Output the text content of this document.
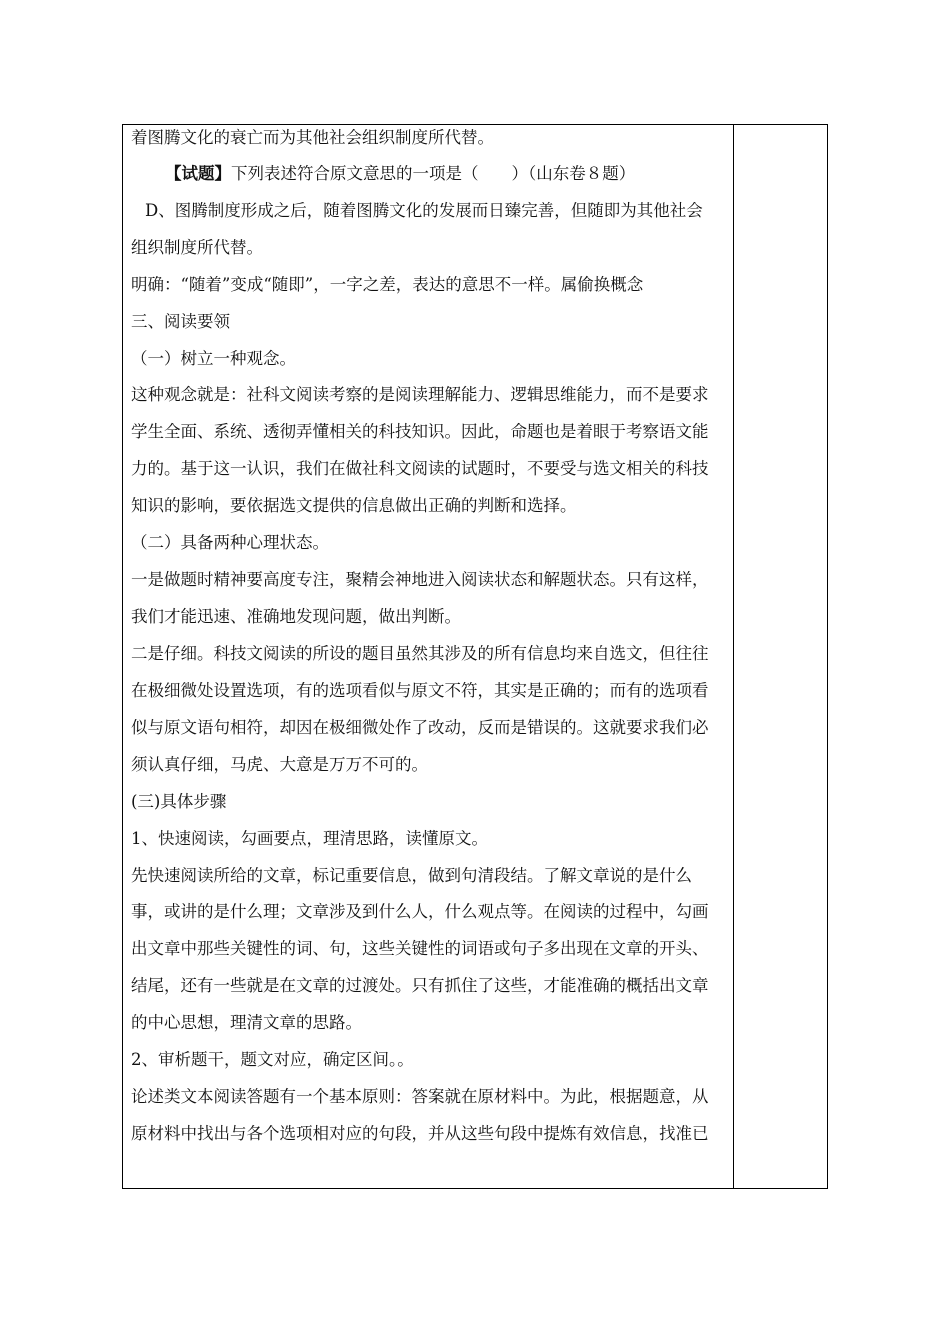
着图腾文化的衰亡而为其他社会组织制度所代替。
【试题】下列表述符合原文意思的一项是（　　）（山东卷８题）
D、图腾制度形成之后，随着图腾文化的发展而日臻完善，但随即为其他社会
组织制度所代替。
明确：“随着”变成“随即”，一字之差，表达的意思不一样。属偷换概念
三、阅读要领
（一）树立一种观念。
这种观念就是：社科文阅读考察的是阅读理解能力、逻辑思维能力，而不是要求
学生全面、系统、透彻弄懂相关的科技知识。因此，命题也是着眼于考察语文能
力的。基于这一认识，我们在做社科文阅读的试题时，不要受与选文相关的科技
知识的影响，要依据选文提供的信息做出正确的判断和选择。
（二）具备两种心理状态。
一是做题时精神要高度专注，聚精会神地进入阅读状态和解题状态。只有这样，
我们才能迅速、准确地发现问题，做出判断。
二是仔细。科技文阅读的所设的题目虽然其涉及的所有信息均来自选文，但往往
在极细微处设置选项，有的选项看似与原文不符，其实是正确的；而有的选项看
似与原文语句相符，却因在极细微处作了改动，反而是错误的。这就要求我们必
须认真仔细，马虎、大意是万万不可的。
(三)具体步骤
1、快速阅读，勾画要点，理清思路，读懂原文。
先快速阅读所给的文章，标记重要信息，做到句清段结。了解文章说的是什么
事，或讲的是什么理；文章涉及到什么人，什么观点等。在阅读的过程中，勾画
出文章中那些关键性的词、句，这些关键性的词语或句子多出现在文章的开头、
结尾，还有一些就是在文章的过渡处。只有抓住了这些，才能准确的概括出文章
的中心思想，理清文章的思路。
2、审析题干，题文对应，确定区间。。
论述类文本阅读答题有一个基本原则：答案就在原材料中。为此，根据题意，从
原材料中找出与各个选项相对应的句段，并从这些句段中提炼有效信息，找准已
